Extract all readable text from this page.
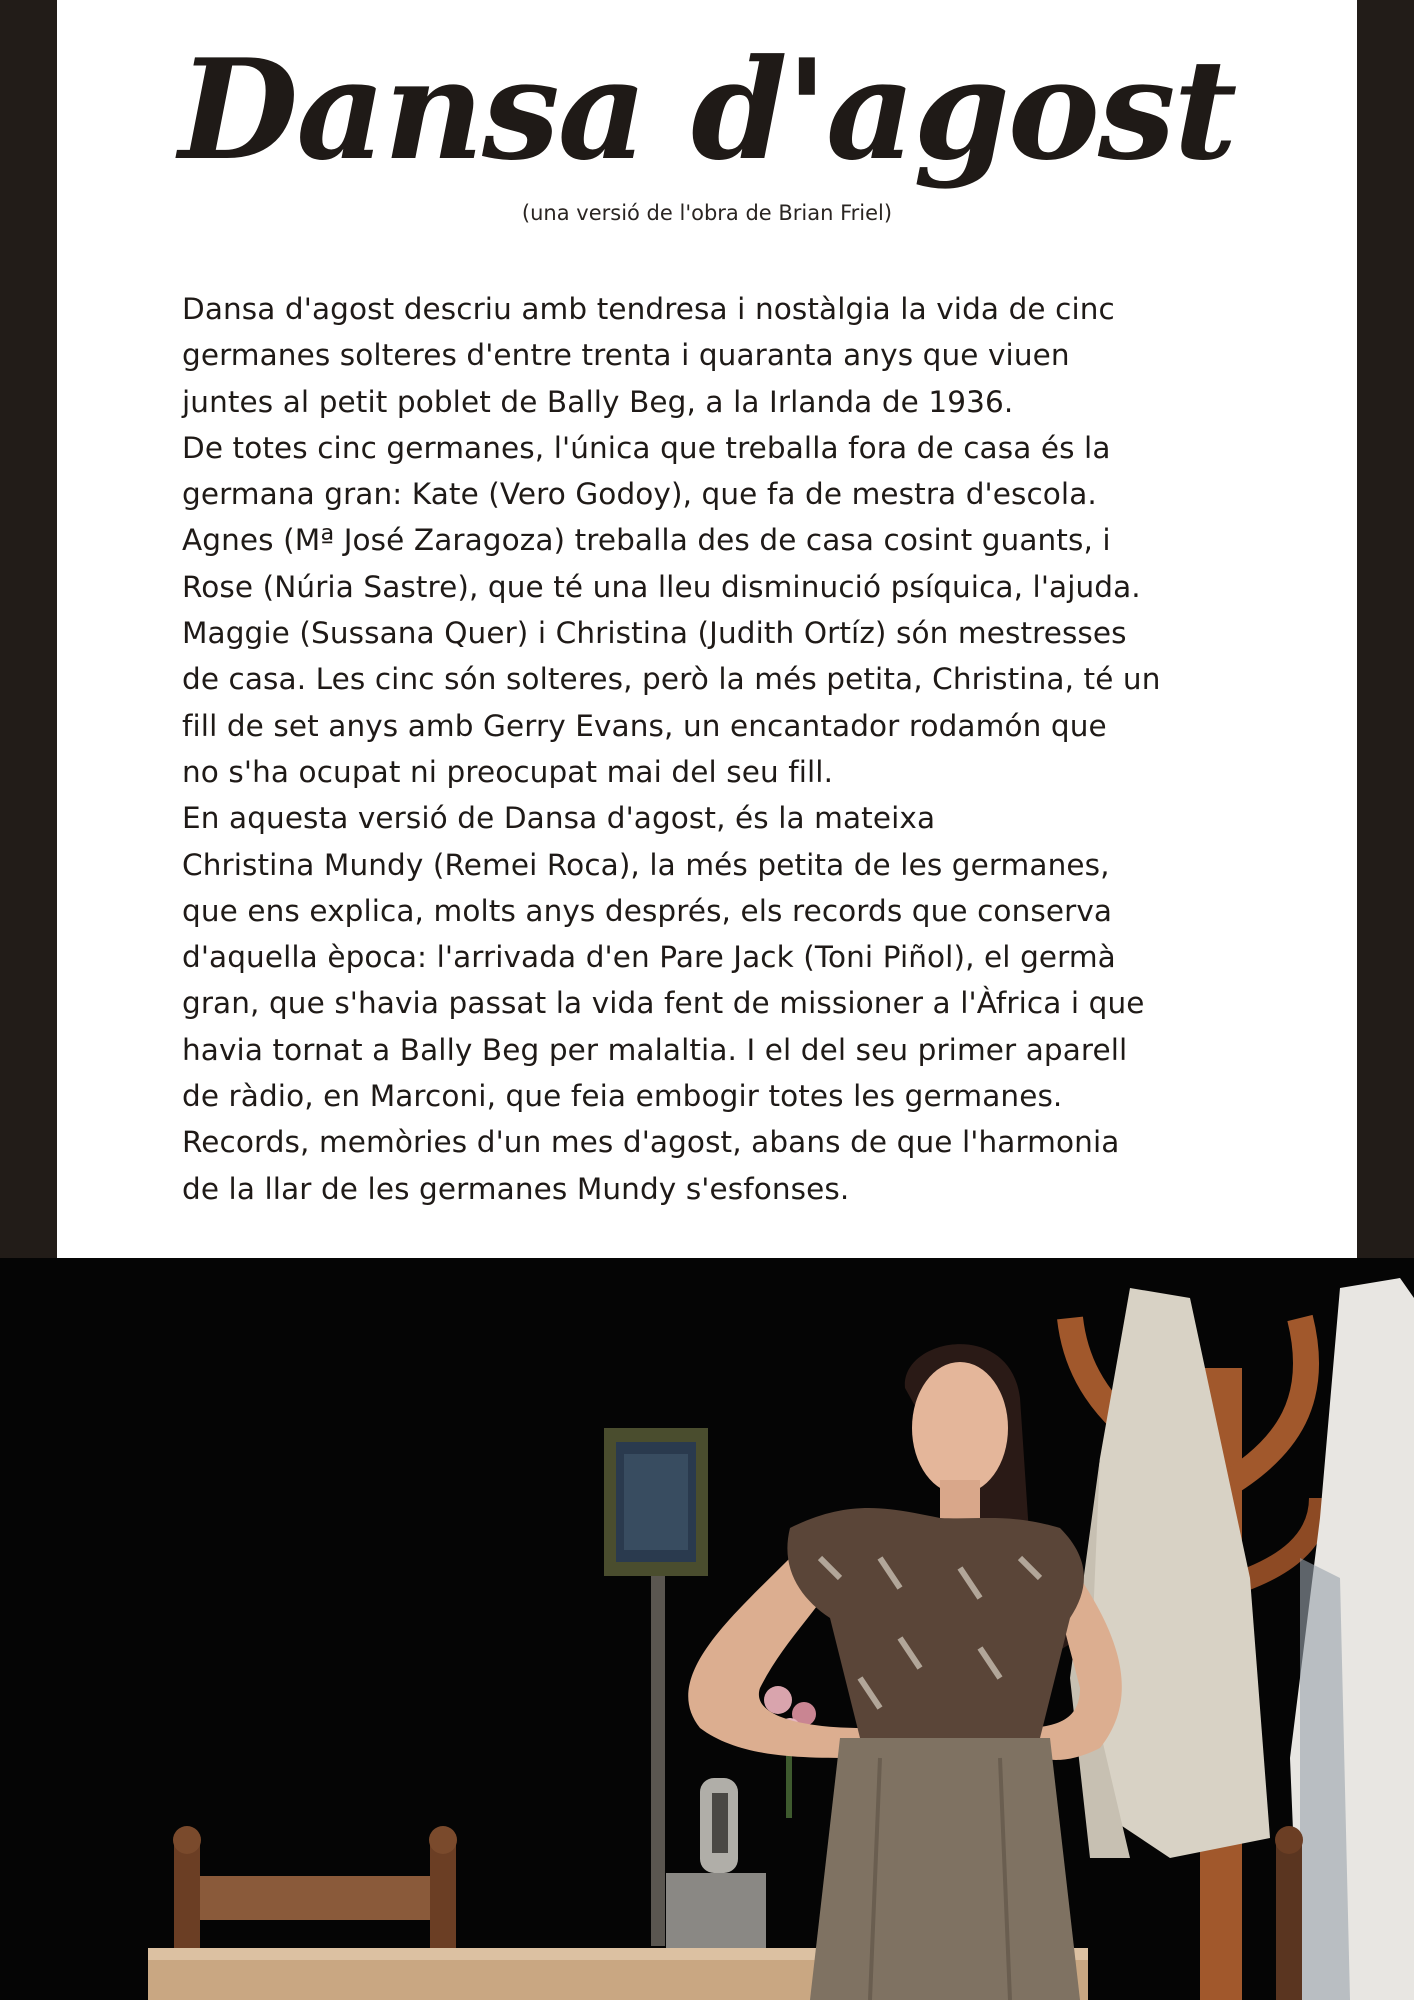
Dansa d'agost
(una versió de l'obra de Brian Friel)

Dansa d'agost descriu amb tendresa i nostàlgia la vida de cinc

germanes solteres d'entre trenta i quaranta anys que viuen

juntes al petit poblet de Bally Beg, a la Irlanda de 1936.

De totes cinc germanes, l'única que treballa fora de casa és la

germana gran: Kate (Vero Godoy), que fa de mestra d'escola.

Agnes (Mª José Zaragoza) treballa des de casa cosint guants, i

Rose (Núria Sastre), que té una lleu disminució psíquica, l'ajuda.

Maggie (Sussana Quer) i Christina (Judith Ortíz) són mestresses

de casa. Les cinc són solteres, però la més petita, Christina, té un

fill de set anys amb Gerry Evans, un encantador rodamón que

no s'ha ocupat ni preocupat mai del seu fill.

En aquesta versió de Dansa d'agost, és la mateixa

Christina Mundy (Remei Roca), la més petita de les germanes,

que ens explica, molts anys després, els records que conserva

d'aquella època: l'arrivada d'en Pare Jack (Toni Piñol), el germà

gran, que s'havia passat la vida fent de missioner a l'Àfrica i que

havia tornat a Bally Beg per malaltia. I el del seu primer aparell

de ràdio, en Marconi, que feia embogir totes les germanes.

Records, memòries d'un mes d'agost, abans de que l'harmonia

de la llar de les germanes Mundy s'esfonses.
